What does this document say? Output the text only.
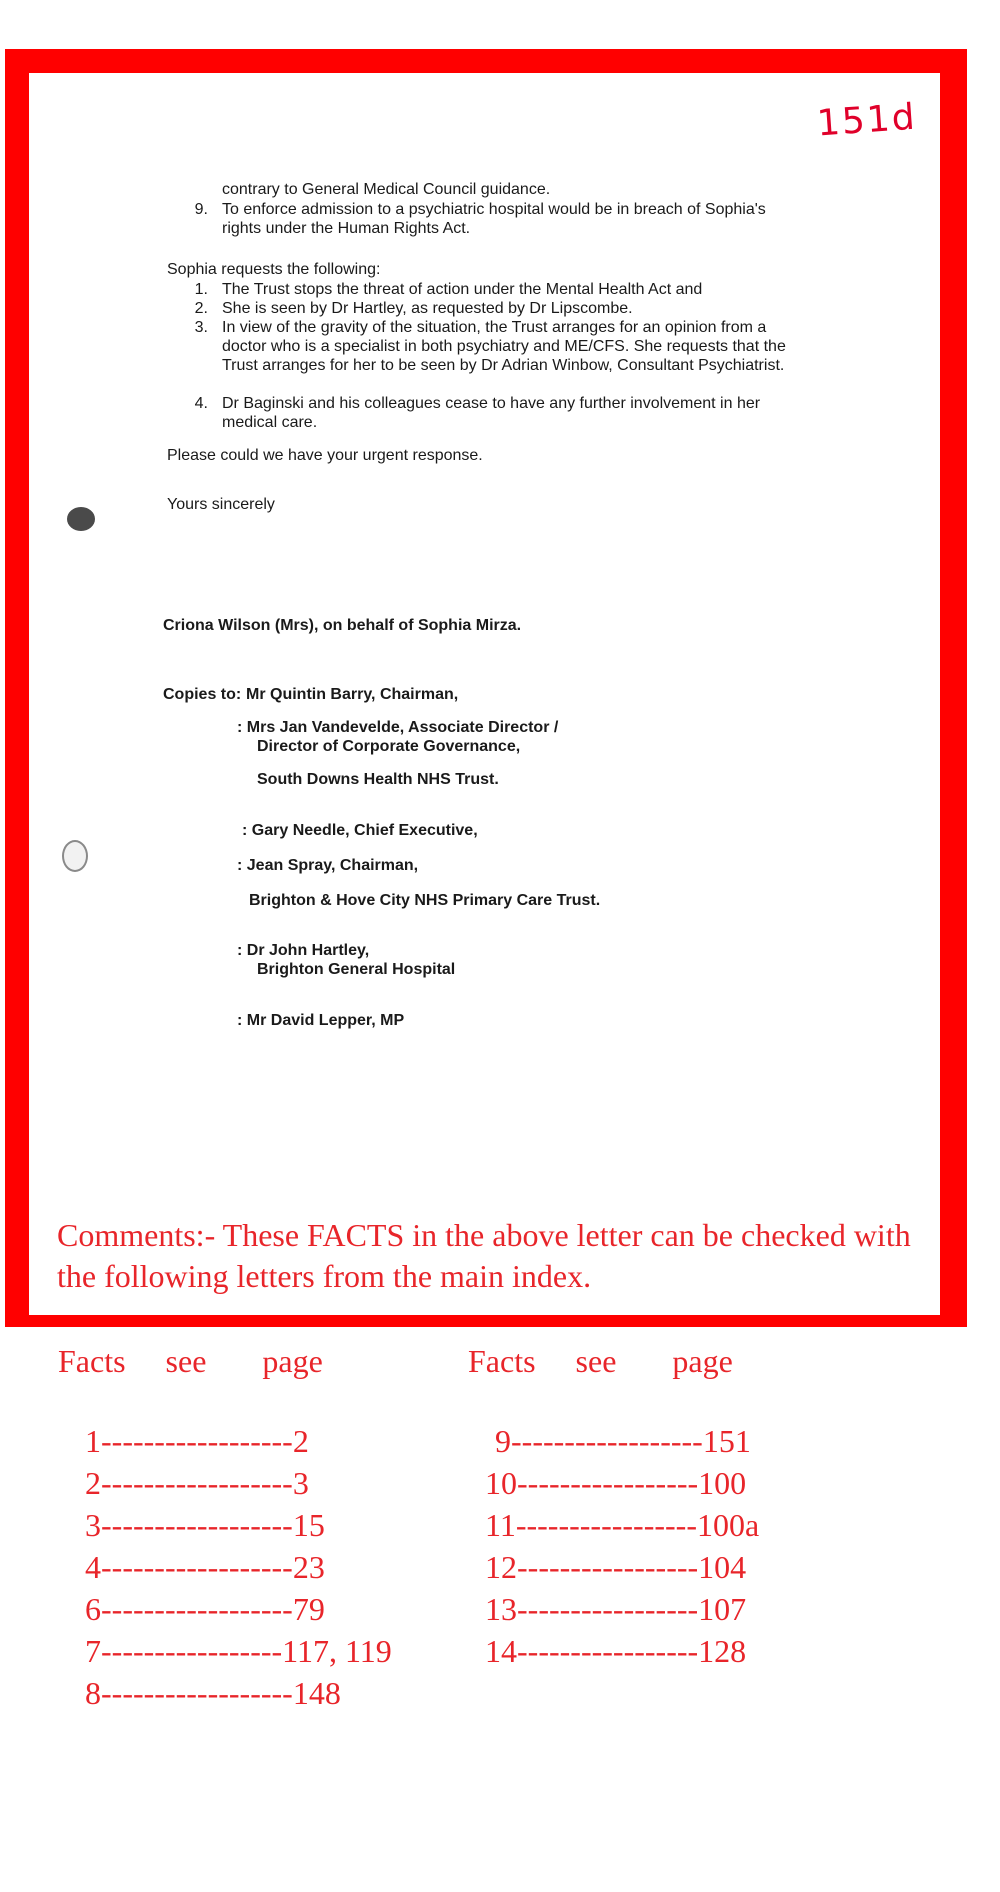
151d
contrary to General Medical Council guidance.
9. To enforce admission to a psychiatric hospital would be in breach of Sophia's rights under the Human Rights Act.
Sophia requests the following:
1. The Trust stops the threat of action under the Mental Health Act and
2. She is seen by Dr Hartley, as requested by Dr Lipscombe.
3. In view of the gravity of the situation, the Trust arranges for an opinion from a doctor who is a specialist in both psychiatry and ME/CFS. She requests that the Trust arranges for her to be seen by Dr Adrian Winbow, Consultant Psychiatrist.
4. Dr Baginski and his colleagues cease to have any further involvement in her medical care.
Please could we have your urgent response.
Yours sincerely
Criona Wilson (Mrs), on behalf of Sophia Mirza.
Copies to: Mr Quintin Barry, Chairman,
: Mrs Jan Vandevelde, Associate Director /
Director of Corporate Governance,
South Downs Health NHS Trust.
: Gary Needle, Chief Executive,
: Jean Spray, Chairman,
Brighton & Hove City NHS Primary Care Trust.
: Dr John Hartley,
Brighton General Hospital
: Mr David Lepper, MP
Comments:- These FACTS in the above letter can be checked with the following letters from the main index.
Facts     see       page	Facts     see       page
1------------------2
2------------------3
3------------------15
4------------------23
6------------------79
7-----------------117, 119
8------------------148
9------------------151
10-----------------100
11-----------------100a
12-----------------104
13-----------------107
14-----------------128
